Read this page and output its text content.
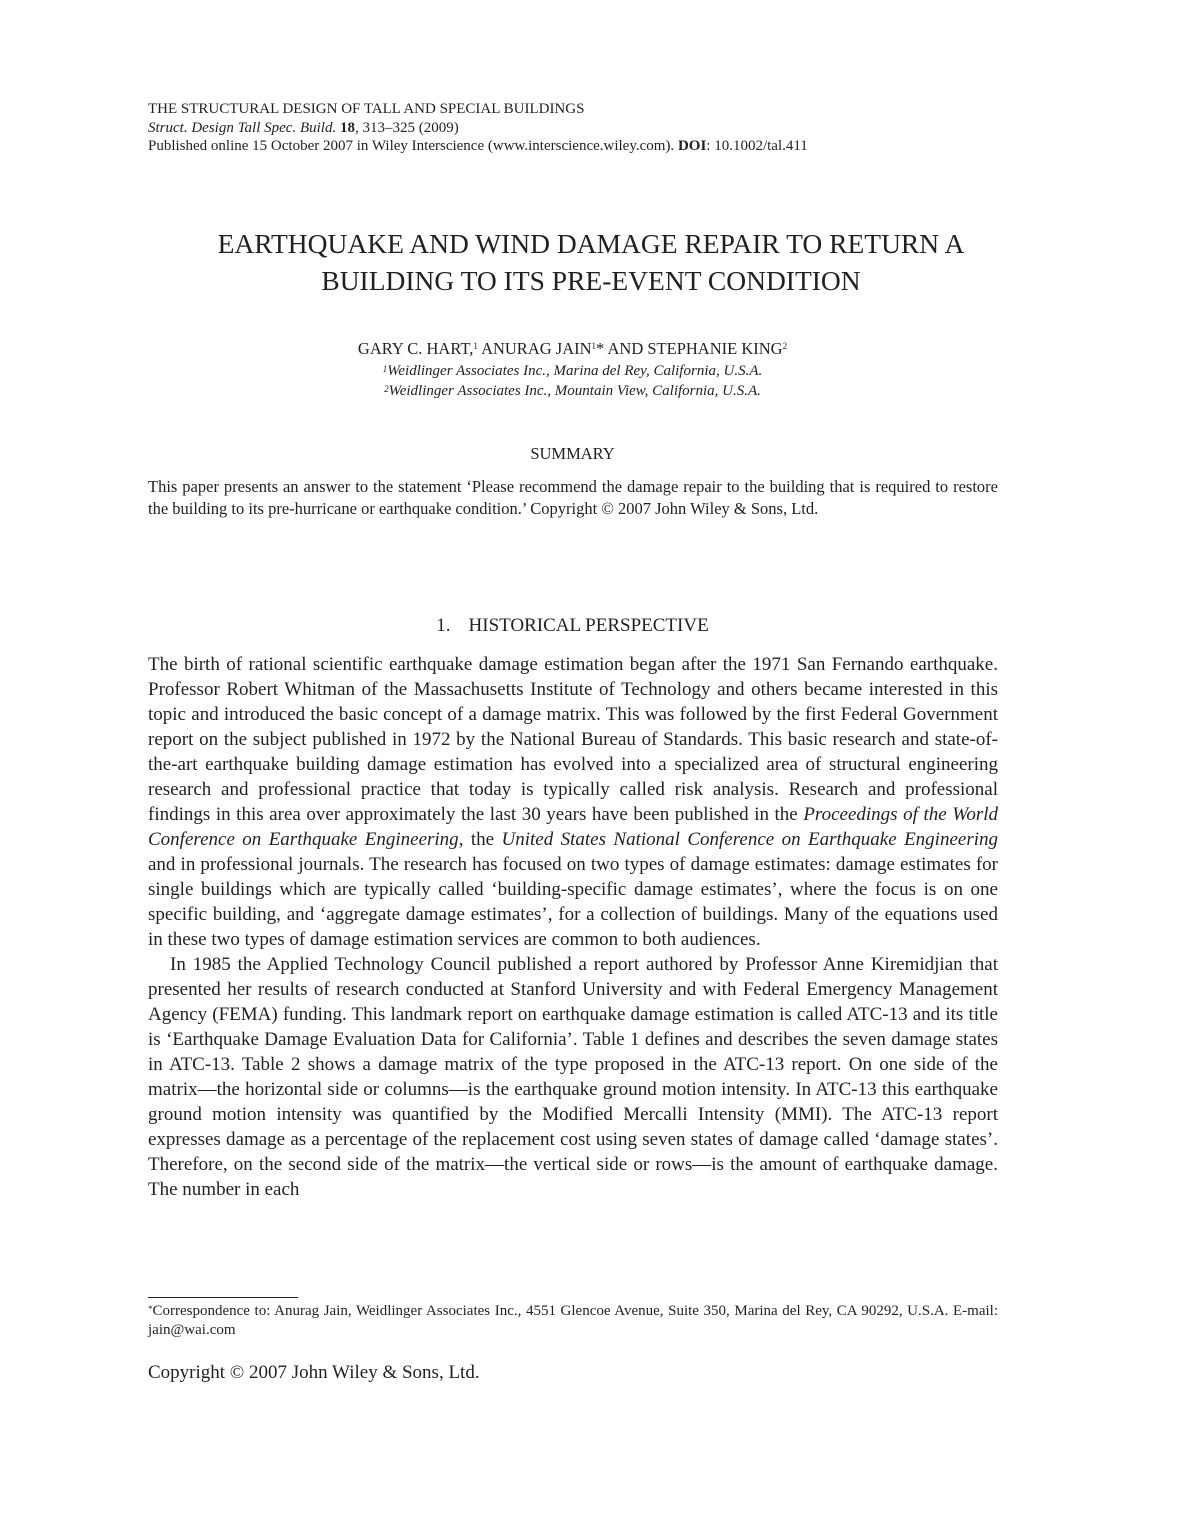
THE STRUCTURAL DESIGN OF TALL AND SPECIAL BUILDINGS
Struct. Design Tall Spec. Build. 18, 313–325 (2009)
Published online 15 October 2007 in Wiley Interscience (www.interscience.wiley.com). DOI: 10.1002/tal.411
EARTHQUAKE AND WIND DAMAGE REPAIR TO RETURN A
BUILDING TO ITS PRE-EVENT CONDITION
GARY C. HART,$^1$ ANURAG JAIN$^1$* AND STEPHANIE KING$^2$
$^1$Weidlinger Associates Inc., Marina del Rey, California, U.S.A.
$^2$Weidlinger Associates Inc., Mountain View, California, U.S.A.
SUMMARY
This paper presents an answer to the statement ‘Please recommend the damage repair to the building that is required to restore the building to its pre-hurricane or earthquake condition.’ Copyright © 2007 John Wiley & Sons, Ltd.
1. HISTORICAL PERSPECTIVE

The birth of rational scientific earthquake damage estimation began after the 1971 San Fernando earthquake. Professor Robert Whitman of the Massachusetts Institute of Technology and others became interested in this topic and introduced the basic concept of a damage matrix. This was followed by the first Federal Government report on the subject published in 1972 by the National Bureau of Standards. This basic research and state-of-the-art earthquake building damage estimation has evolved into a specialized area of structural engineering research and professional practice that today is typically called risk analysis. Research and professional findings in this area over approximately the last 30 years have been published in the Proceedings of the World Conference on Earthquake Engineering, the United States National Conference on Earthquake Engineering and in professional journals. The research has focused on two types of damage estimates: damage estimates for single buildings which are typically called ‘building-specific damage estimates’, where the focus is on one specific building, and ‘aggregate damage estimates’, for a collection of buildings. Many of the equations used in these two types of damage estimation services are common to both audiences.

In 1985 the Applied Technology Council published a report authored by Professor Anne Kiremidjian that presented her results of research conducted at Stanford University and with Federal Emergency Management Agency (FEMA) funding. This landmark report on earthquake damage estimation is called ATC-13 and its title is ‘Earthquake Damage Evaluation Data for California’. Table 1 defines and describes the seven damage states in ATC-13. Table 2 shows a damage matrix of the type proposed in the ATC-13 report. On one side of the matrix—the horizontal side or columns—is the earthquake ground motion intensity. In ATC-13 this earthquake ground motion intensity was quantified by the Modified Mercalli Intensity (MMI). The ATC-13 report expresses damage as a percentage of the replacement cost using seven states of damage called ‘damage states’. Therefore, on the second side of the matrix—the vertical side or rows—is the amount of earthquake damage. The number in each

*Correspondence to: Anurag Jain, Weidlinger Associates Inc., 4551 Glencoe Avenue, Suite 350, Marina del Rey, CA 90292, U.S.A. E-mail: jain@wai.com
Copyright © 2007 John Wiley & Sons, Ltd.
